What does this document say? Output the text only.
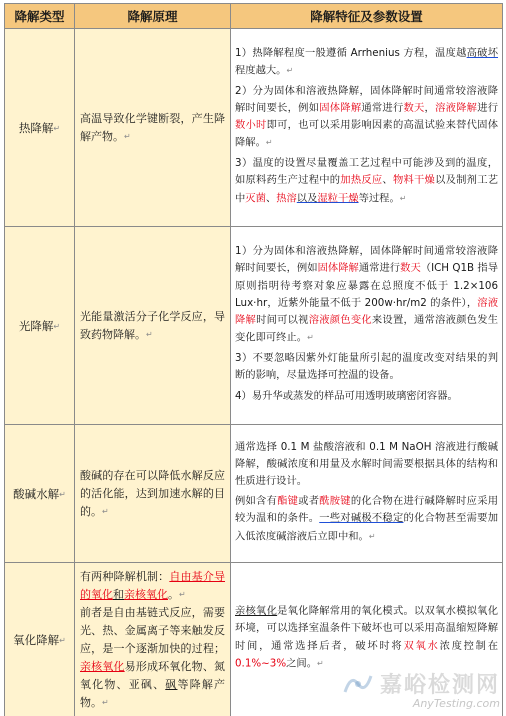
降解类型	降解原理	降解特征及参数设置
热降解↵	高温导致化学键断裂，产生降解产物。↵	1）热降解程度一般遵循 Arrhenius 方程，温度越高破坏程度越大。↵

2）分为固体和溶液热降解，固体降解时间通常较溶液降解时间要长，例如固体降解通常进行数天，溶液降解进行数小时即可，也可以采用影响因素的高温试验来替代固体降解。↵

3）温度的设置尽量覆盖工艺过程中可能涉及到的温度，如原料药生产过程中的加热反应、物料干燥以及制剂工艺中灭菌、热溶以及湿粒干燥等过程。↵

光降解↵	光能量激活分子化学反应，导致药物降解。↵	1）分为固体和溶液热降解，固体降解时间通常较溶液降解时间要长，例如固体降解通常进行数天（ICH Q1B 指导原则指明待考察对象应暴露在总照度不低于 1.2×106 Lux·hr，近紫外能量不低于 200w·hr/m2 的条件），溶液降解时间可以视溶液颜色变化来设置，通常溶液颜色发生变化即可终止。↵

3）不要忽略因紫外灯能量所引起的温度改变对结果的判断的影响，尽量选择可控温的设备。

4）易升华或蒸发的样品可用透明玻璃密闭容器。

酸碱水解↵	酸碱的存在可以降低水解反应的活化能，达到加速水解的目的。↵	通常选择 0.1 M 盐酸溶液和 0.1 M NaOH 溶液进行酸碱降解，酸碱浓度和用量及水解时间需要根据具体的结构和性质进行设计。

例如含有酯键或者酰胺键的化合物在进行碱降解时应采用较为温和的条件。一些对碱极不稳定的化合物甚至需要加入低浓度碱溶液后立即中和。↵

氧化降解↵	有两种降解机制：自由基介导的氧化和亲核氧化。↵

前者是自由基链式反应，需要光、热、金属离子等来触发反应，是一个逐渐加快的过程；亲核氧化易形成环氧化物、氮氧化物、亚砜、砜等降解产物。↵	亲核氧化是氧化降解常用的氧化模式。以双氧水模拟氧化环境，可以选择室温条件下破坏也可以采用高温缩短降解时间，通常选择后者，破坏时将双氧水浓度控制在0.1%~3%之间。↵

嘉峪检测网
AnyTesting.com
